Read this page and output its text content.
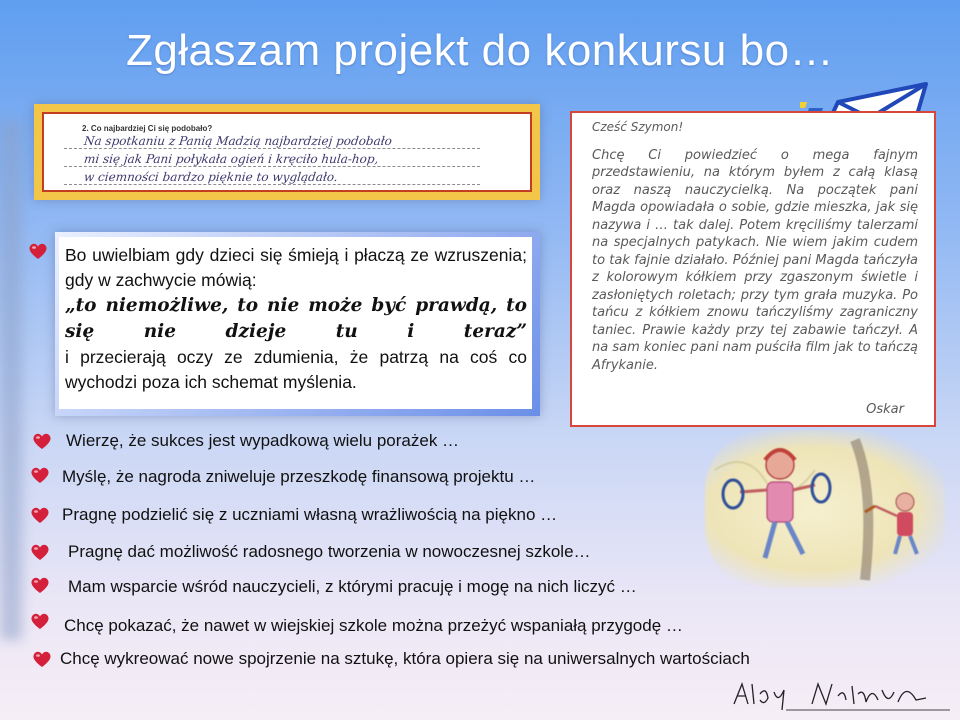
Zgłaszam projekt do konkursu bo…
2. Co najbardziej Ci się podobało?
Na spotkaniu z Panią Madzią najbardziej podobało
mi się jak Pani połykała ogień i kręciło hula-hop,
w ciemności bardzo pięknie to wyglądało.
Bo uwielbiam gdy dzieci się śmieją i płaczą ze wzruszenia; gdy w zachwycie mówią:
„to niemożliwe, to nie może być prawdą, to się nie dzieje tu i teraz”
i przecierają oczy ze zdumienia, że patrzą na coś co wychodzi poza ich schemat myślenia.
Cześć Szymon!
Chcę Ci powiedzieć o mega fajnym przedstawieniu, na którym byłem z całą klasą oraz naszą nauczycielką. Na początek pani Magda opowiadała o sobie, gdzie mieszka, jak się nazywa i … tak dalej. Potem kręciliśmy talerzami na specjalnych patykach. Nie wiem jakim cudem to tak fajnie działało. Później pani Magda tańczyła z kolorowym kółkiem przy zgaszonym świetle i zasłoniętych roletach; przy tym grała muzyka. Po tańcu z kółkiem znowu tańczyliśmy zagraniczny taniec. Prawie każdy przy tej zabawie tańczył. A na sam koniec pani nam puściła film jak to tańczą Afrykanie.
Oskar
Wierzę, że sukces jest wypadkową wielu porażek …
Myślę, że nagroda zniweluje przeszkodę finansową projektu …
Pragnę podzielić się z uczniami własną wrażliwością na piękno …
Pragnę dać możliwość radosnego tworzenia w nowoczesnej szkole…
Mam wsparcie wśród nauczycieli, z którymi pracuję i mogę na nich liczyć …
Chcę pokazać, że nawet w wiejskiej szkole można przeżyć wspaniałą przygodę …
Chcę wykreować nowe spojrzenie na sztukę, która opiera się na uniwersalnych wartościach
